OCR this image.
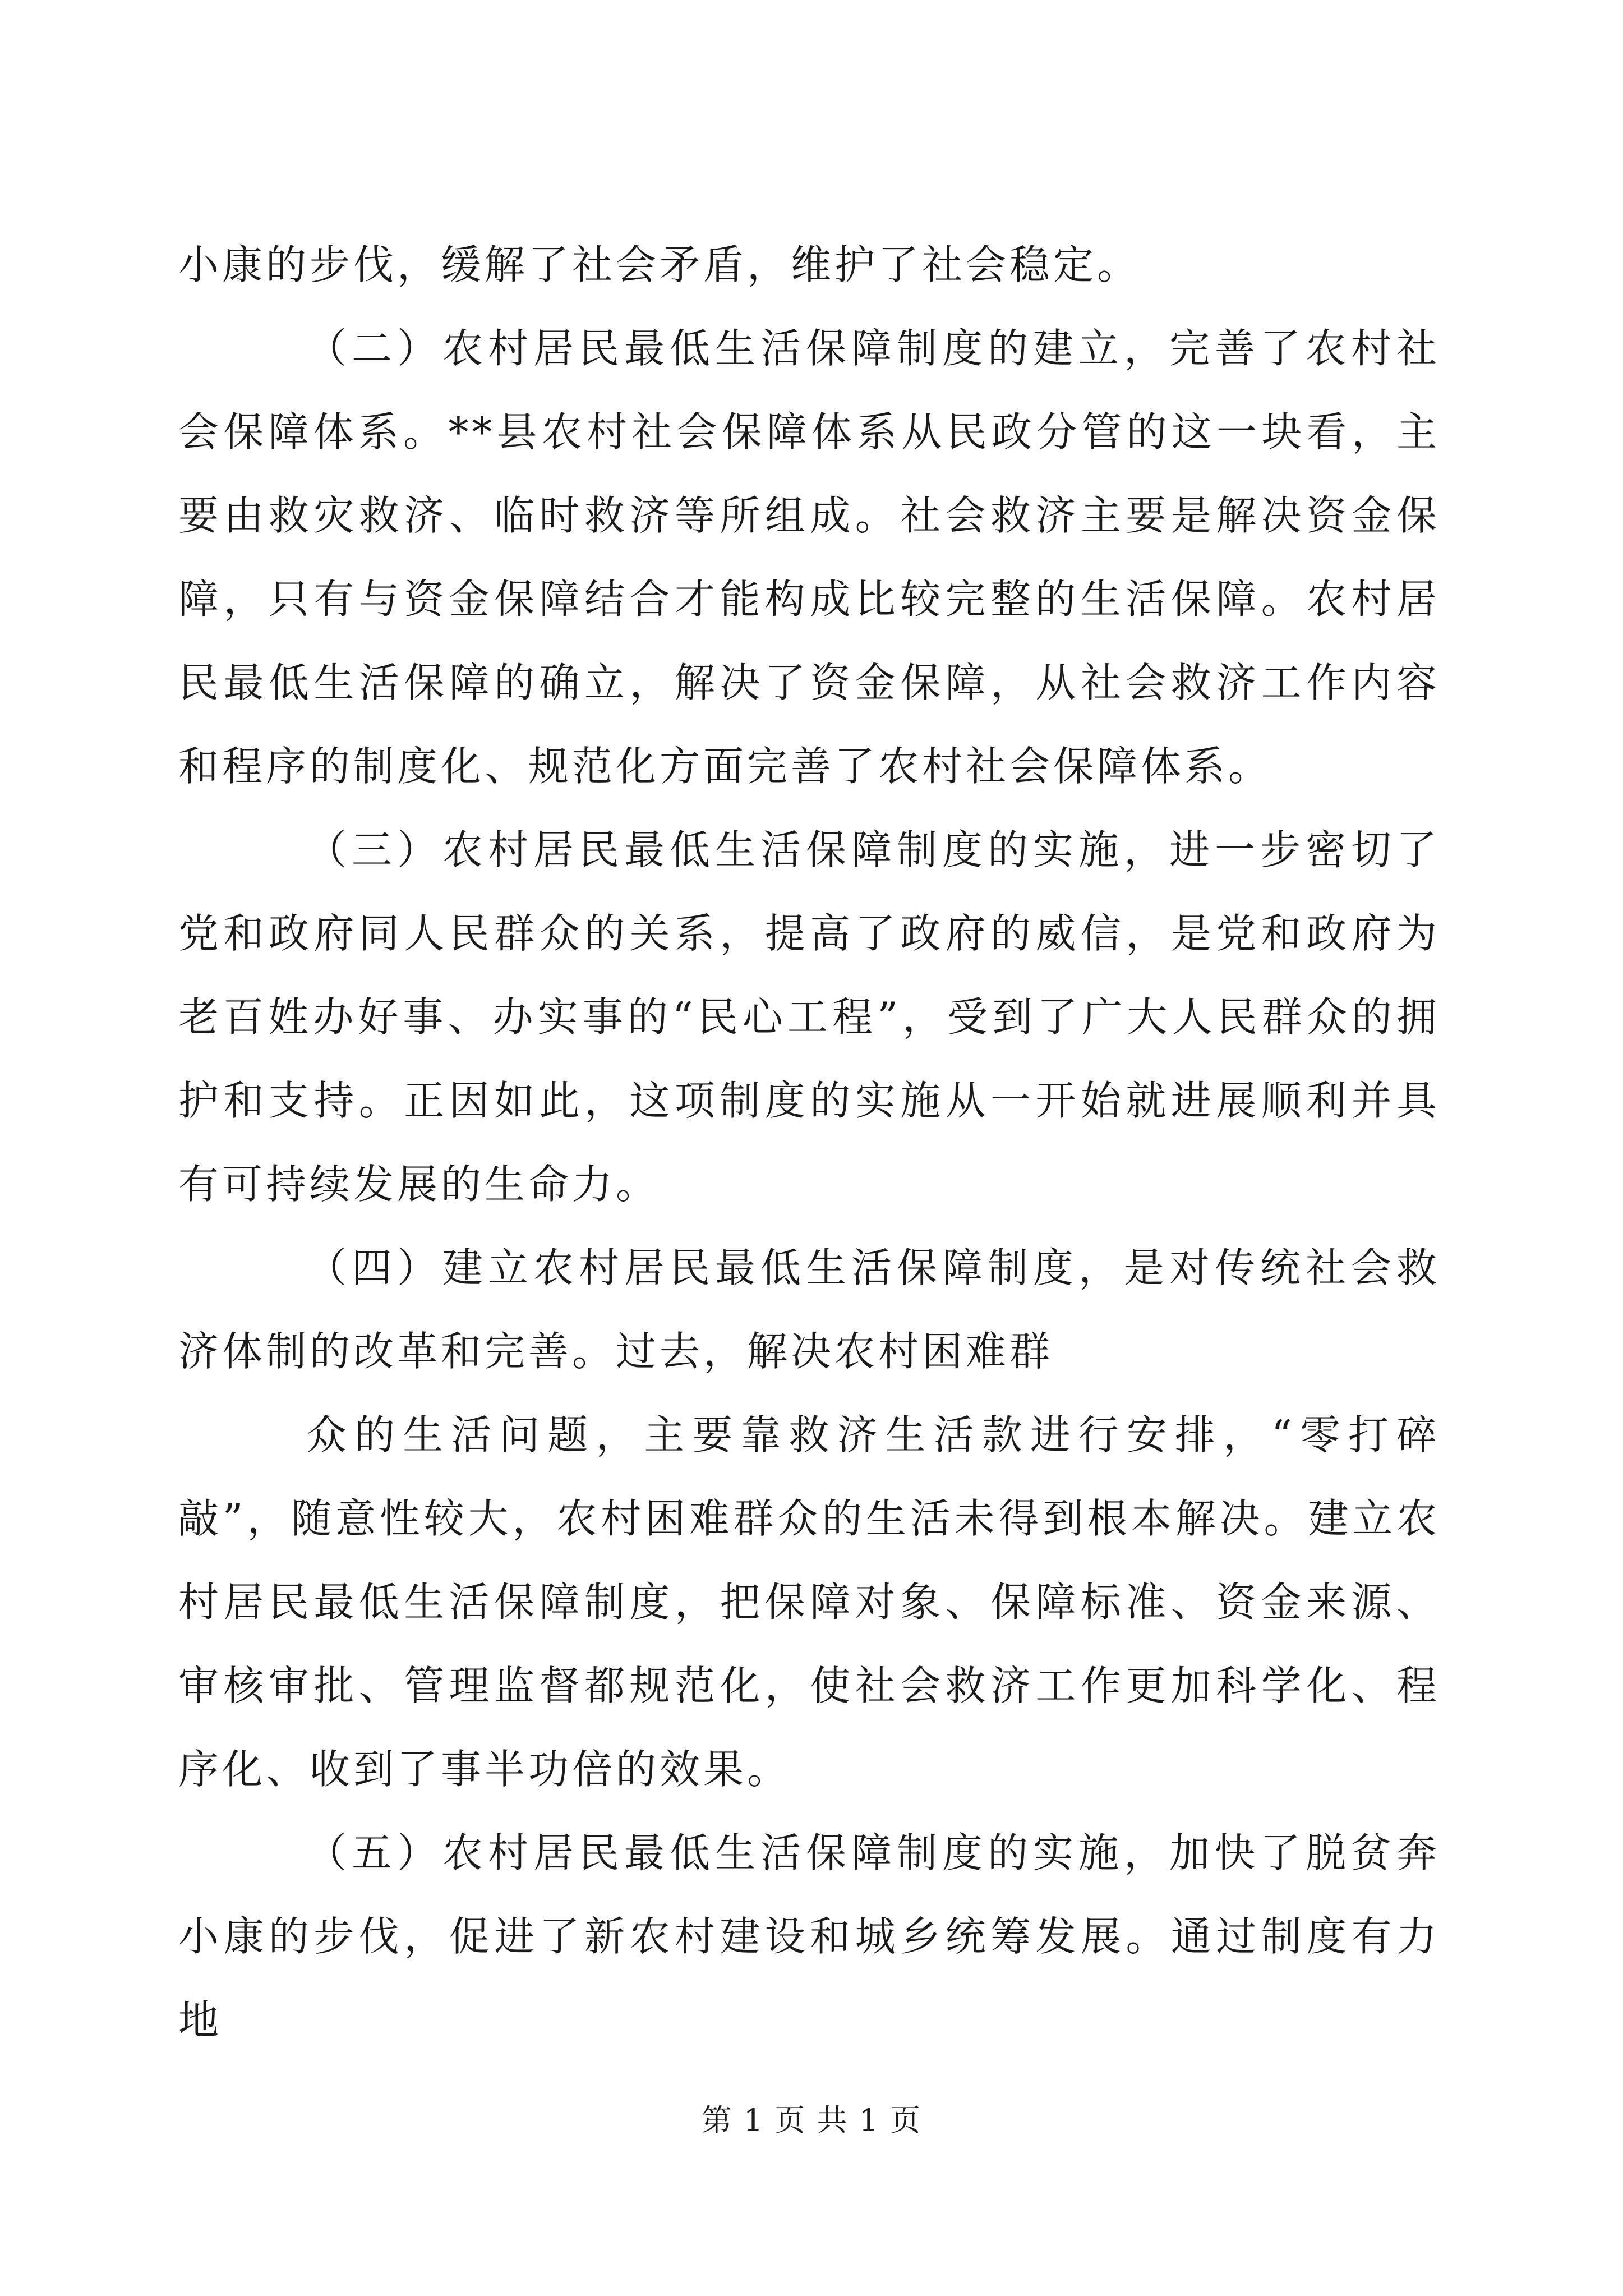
小康的步伐，缓解了社会矛盾，维护了社会稳定。

（二）农村居民最低生活保障制度的建立，完善了农村社会保障体系。**县农村社会保障体系从民政分管的这一块看，主要由救灾救济、临时救济等所组成。社会救济主要是解决资金保障，只有与资金保障结合才能构成比较完整的生活保障。农村居民最低生活保障的确立，解决了资金保障，从社会救济工作内容和程序的制度化、规范化方面完善了农村社会保障体系。

（三）农村居民最低生活保障制度的实施，进一步密切了党和政府同人民群众的关系，提高了政府的威信，是党和政府为老百姓办好事、办实事的“民心工程”，受到了广大人民群众的拥护和支持。正因如此，这项制度的实施从一开始就进展顺利并具有可持续发展的生命力。

（四）建立农村居民最低生活保障制度，是对传统社会救济体制的改革和完善。过去，解决农村困难群

众的生活问题，主要靠救济生活款进行安排，“零打碎敲”，随意性较大，农村困难群众的生活未得到根本解决。建立农村居民最低生活保障制度，把保障对象、保障标准、资金来源、审核审批、管理监督都规范化，使社会救济工作更加科学化、程序化、收到了事半功倍的效果。

（五）农村居民最低生活保障制度的实施，加快了脱贫奔小康的步伐，促进了新农村建设和城乡统筹发展。通过制度有力地

第 1 页 共 1 页
